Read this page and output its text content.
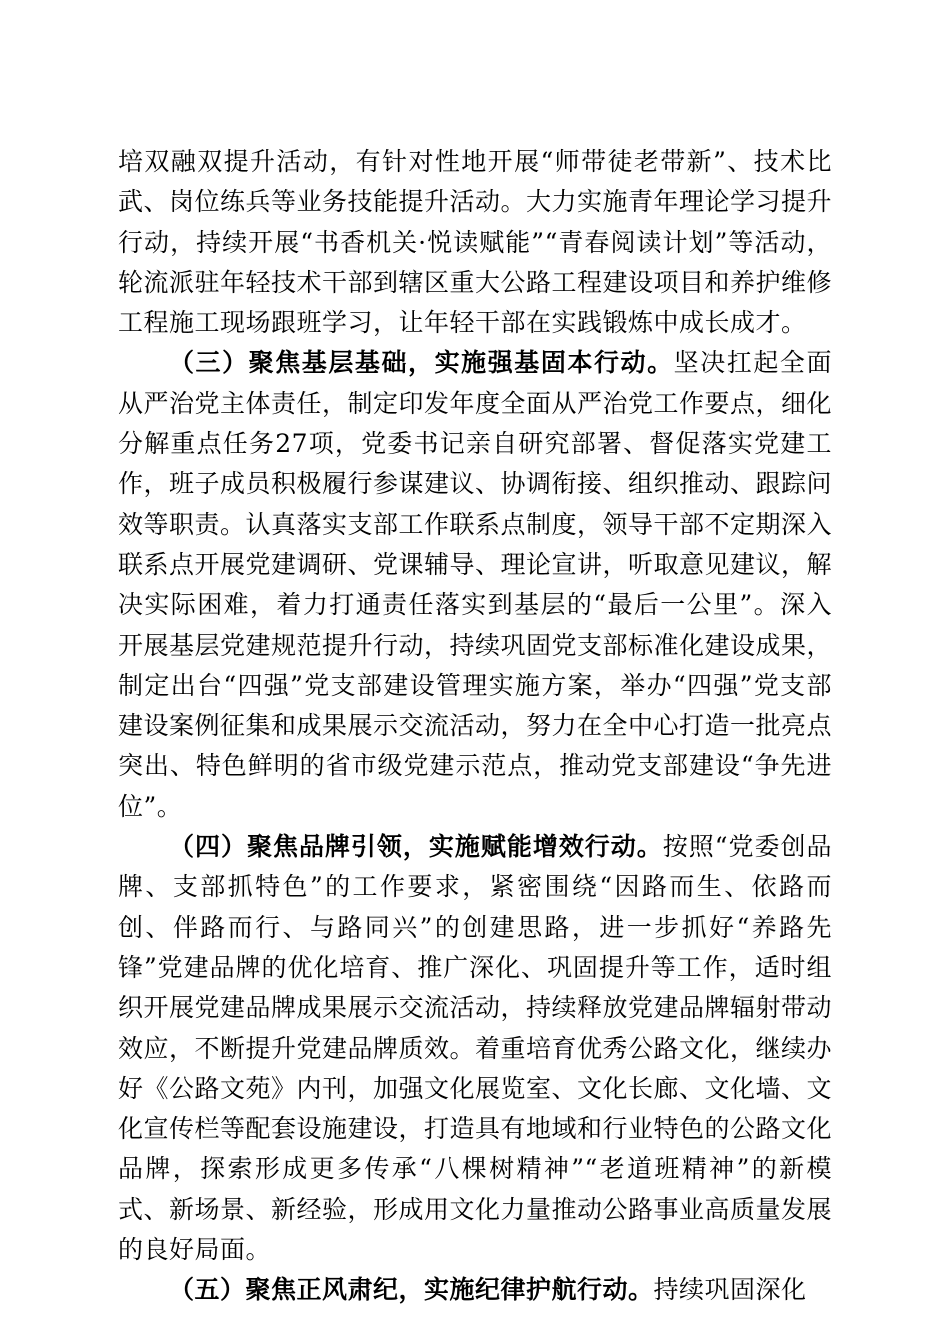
培双融双提升活动，有针对性地开展“师带徒老带新”、技术比武、岗位练兵等业务技能提升活动。大力实施青年理论学习提升行动，持续开展“书香机关·悦读赋能”“青春阅读计划”等活动，轮流派驻年轻技术干部到辖区重大公路工程建设项目和养护维修工程施工现场跟班学习，让年轻干部在实践锻炼中成长成才。

（三）聚焦基层基础，实施强基固本行动。坚决扛起全面从严治党主体责任，制定印发年度全面从严治党工作要点，细化分解重点任务27项，党委书记亲自研究部署、督促落实党建工作，班子成员积极履行参谋建议、协调衔接、组织推动、跟踪问效等职责。认真落实支部工作联系点制度，领导干部不定期深入联系点开展党建调研、党课辅导、理论宣讲，听取意见建议，解决实际困难，着力打通责任落实到基层的“最后一公里”。深入开展基层党建规范提升行动，持续巩固党支部标准化建设成果，制定出台“四强”党支部建设管理实施方案，举办“四强”党支部建设案例征集和成果展示交流活动，努力在全中心打造一批亮点突出、特色鲜明的省市级党建示范点，推动党支部建设“争先进位”。

（四）聚焦品牌引领，实施赋能增效行动。按照“党委创品牌、支部抓特色”的工作要求，紧密围绕“因路而生、依路而创、伴路而行、与路同兴”的创建思路，进一步抓好“养路先锋”党建品牌的优化培育、推广深化、巩固提升等工作，适时组织开展党建品牌成果展示交流活动，持续释放党建品牌辐射带动效应，不断提升党建品牌质效。着重培育优秀公路文化，继续办好《公路文苑》内刊，加强文化展览室、文化长廊、文化墙、文化宣传栏等配套设施建设，打造具有地域和行业特色的公路文化品牌，探索形成更多传承“八棵树精神”“老道班精神”的新模式、新场景、新经验，形成用文化力量推动公路事业高质量发展的良好局面。

（五）聚焦正风肃纪，实施纪律护航行动。持续巩固深化
